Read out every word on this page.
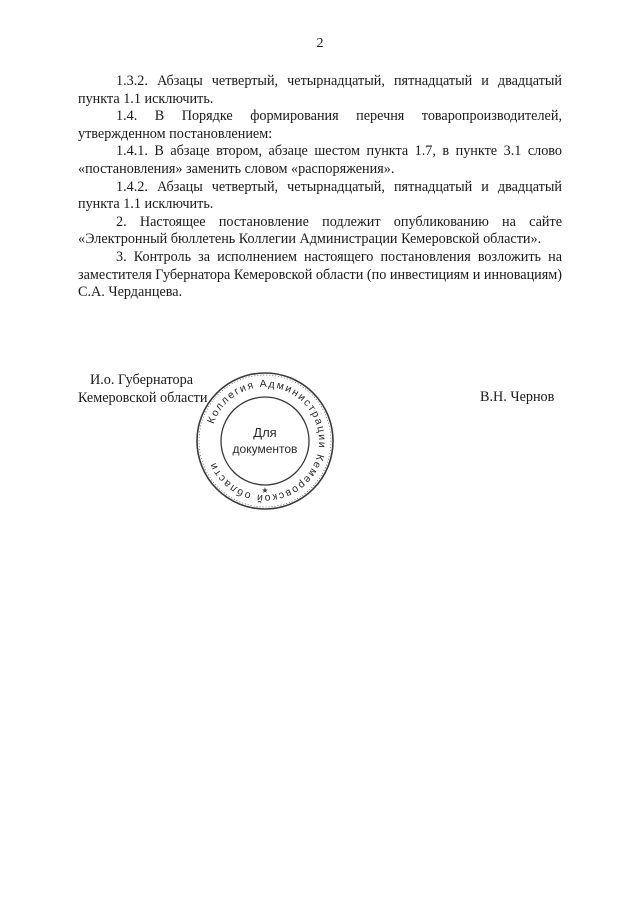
2

1.3.2. Абзацы четвертый, четырнадцатый, пятнадцатый и двадцатый пункта 1.1 исключить.

1.4. В Порядке формирования перечня товаропроизводителей, утвержденном постановлением:

1.4.1. В абзаце втором, абзаце шестом пункта 1.7, в пункте 3.1 слово «постановления» заменить словом «распоряжения».

1.4.2. Абзацы четвертый, четырнадцатый, пятнадцатый и двадцатый пункта 1.1 исключить.

2. Настоящее постановление подлежит опубликованию на сайте «Электронный бюллетень Коллегии Администрации Кемеровской области».

3. Контроль за исполнением настоящего постановления возложить на заместителя Губернатора Кемеровской области (по инвестициям и инновациям) С.А. Черданцева.

И.о. Губернатора
Кемеровской области	В.Н. Чернов
Коллегия Администрации Кемеровской области
Для
документов
★
